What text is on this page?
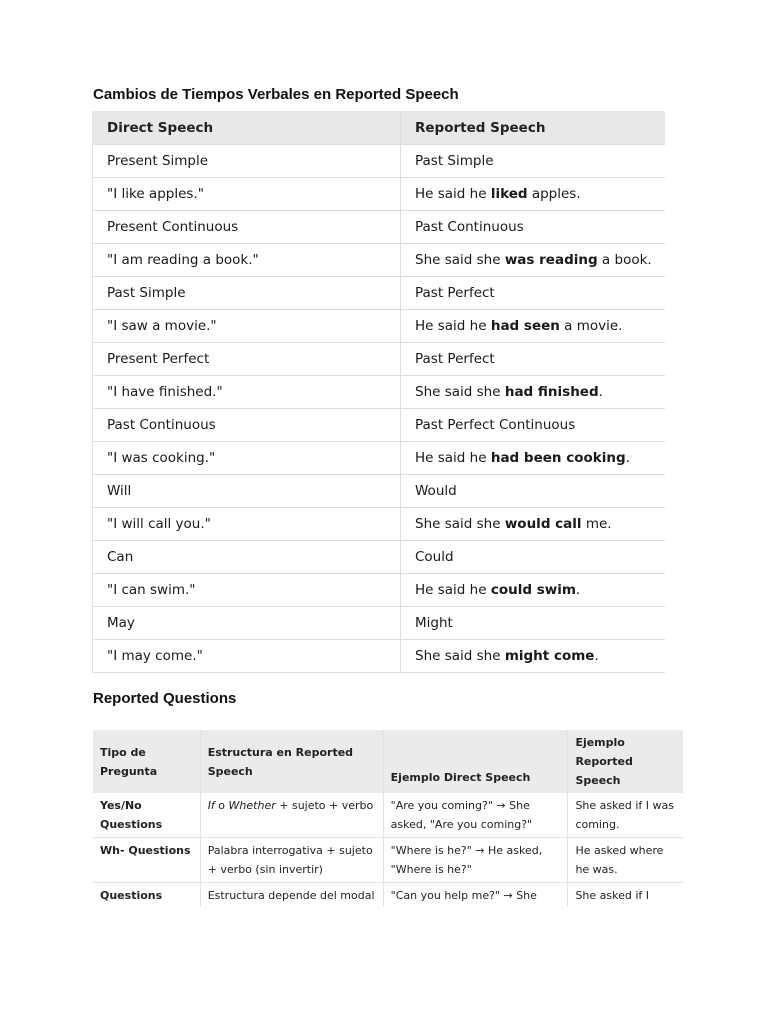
Cambios de Tiempos Verbales en Reported Speech
Direct Speech	Reported Speech
Present Simple	Past Simple
"I like apples."	He said he liked apples.
Present Continuous	Past Continuous
"I am reading a book."	She said she was reading a book.
Past Simple	Past Perfect
"I saw a movie."	He said he had seen a movie.
Present Perfect	Past Perfect
"I have finished."	She said she had finished.
Past Continuous	Past Perfect Continuous
"I was cooking."	He said he had been cooking.
Will	Would
"I will call you."	She said she would call me.
Can	Could
"I can swim."	He said he could swim.
May	Might
"I may come."	She said she might come.
Reported Questions
Tipo de Pregunta	Estructura en Reported Speech	Ejemplo Direct Speech	Ejemplo Reported Speech
Yes/No Questions	If o Whether + sujeto + verbo	"Are you coming?" → She asked, "Are you coming?"	She asked if I was coming.
Wh- Questions	Palabra interrogativa + sujeto + verbo (sin invertir)	"Where is he?" → He asked, "Where is he?"	He asked where he was.
Questions	Estructura depende del modal	"Can you help me?" → She	She asked if I
